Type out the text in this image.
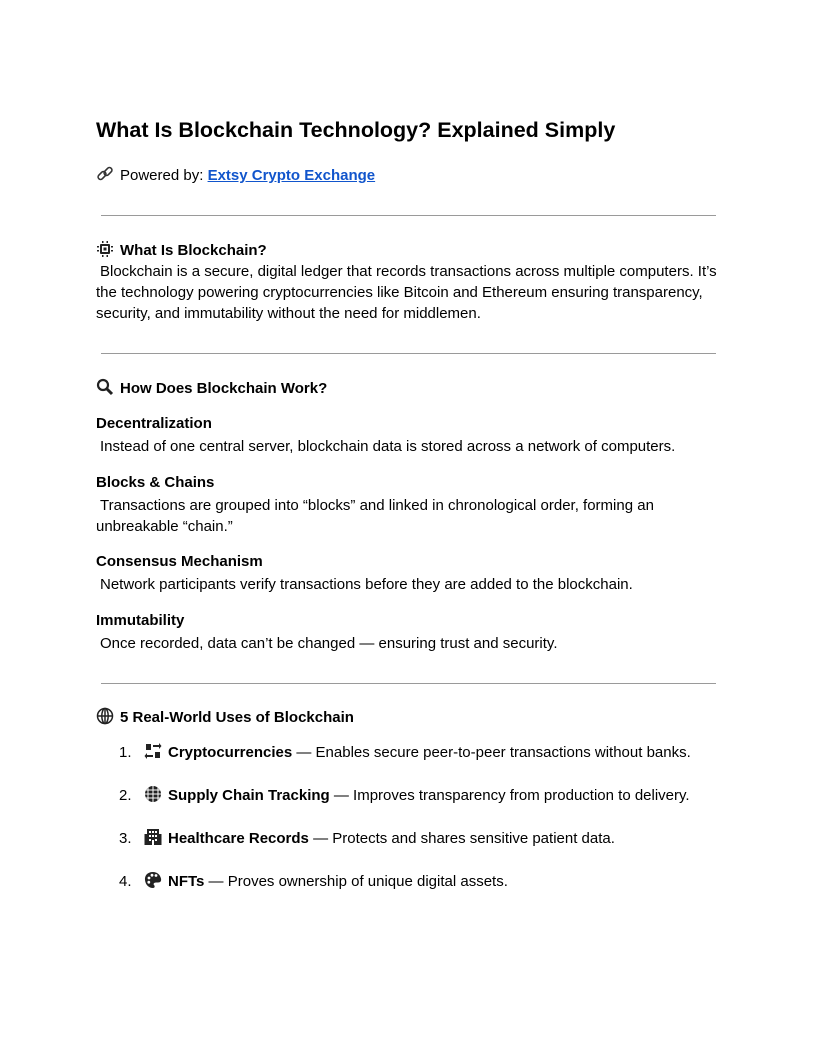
What Is Blockchain Technology? Explained Simply
Powered by: Extsy Crypto Exchange
What Is Blockchain?
Blockchain is a secure, digital ledger that records transactions across multiple computers. It’s the technology powering cryptocurrencies like Bitcoin and Ethereum ensuring transparency, security, and immutability without the need for middlemen.
How Does Blockchain Work?
Decentralization
Instead of one central server, blockchain data is stored across a network of computers.
Blocks & Chains
Transactions are grouped into “blocks” and linked in chronological order, forming an unbreakable “chain.”
Consensus Mechanism
Network participants verify transactions before they are added to the blockchain.
Immutability
Once recorded, data can’t be changed — ensuring trust and security.
5 Real-World Uses of Blockchain
1. Cryptocurrencies — Enables secure peer-to-peer transactions without banks.
2. Supply Chain Tracking — Improves transparency from production to delivery.
3. Healthcare Records — Protects and shares sensitive patient data.
4. NFTs — Proves ownership of unique digital assets.
